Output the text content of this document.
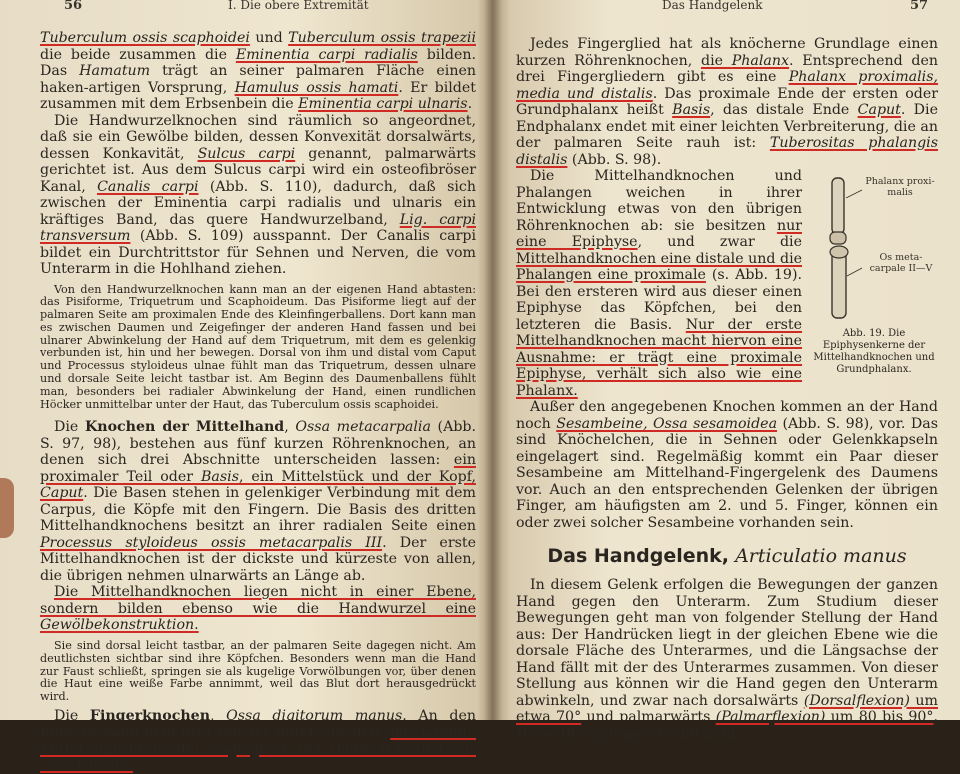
56	I. Die obere Extremität

Tuberculum ossis scaphoidei und Tuberculum ossis trapezii die beide zusammen die Eminentia carpi radialis bilden. Das Hamatum trägt an seiner palmaren Fläche einen haken-artigen Vorsprung, Hamulus ossis hamati. Er bildet zusammen mit dem Erbsenbein die Eminentia carpi ulnaris.

Die Handwurzelknochen sind räumlich so angeordnet, daß sie ein Gewölbe bilden, dessen Konvexität dorsalwärts, dessen Konkavität, Sulcus carpi genannt, palmarwärts gerichtet ist. Aus dem Sulcus carpi wird ein osteofibröser Kanal, Canalis carpi (Abb. S. 110), dadurch, daß sich zwischen der Eminentia carpi radialis und ulnaris ein kräftiges Band, das quere Handwurzelband, Lig. carpi transversum (Abb. S. 109) ausspannt. Der Canalis carpi bildet ein Durchtrittstor für Sehnen und Nerven, die vom Unterarm in die Hohlhand ziehen.

Von den Handwurzelknochen kann man an der eigenen Hand abtasten: das Pisiforme, Triquetrum und Scaphoideum. Das Pisiforme liegt auf der palmaren Seite am proximalen Ende des Kleinfingerballens. Dort kann man es zwischen Daumen und Zeigefinger der anderen Hand fassen und bei ulnarer Abwinkelung der Hand auf dem Triquetrum, mit dem es gelenkig verbunden ist, hin und her bewegen. Dorsal von ihm und distal vom Caput und Processus styloideus ulnae fühlt man das Triquetrum, dessen ulnare und dorsale Seite leicht tastbar ist. Am Beginn des Daumenballens fühlt man, besonders bei radialer Abwinkelung der Hand, einen rundlichen Höcker unmittelbar unter der Haut, das Tuberculum ossis scaphoidei.

Die Knochen der Mittelhand, Ossa metacarpalia (Abb. S. 97, 98), bestehen aus fünf kurzen Röhrenknochen, an denen sich drei Abschnitte unterscheiden lassen: ein proximaler Teil oder Basis, ein Mittelstück und der Kopf, Caput. Die Basen stehen in gelenkiger Verbindung mit dem Carpus, die Köpfe mit den Fingern. Die Basis des dritten Mittelhandknochens besitzt an ihrer radialen Seite einen Processus styloideus ossis metacarpalis III. Der erste Mittelhandknochen ist der dickste und kürzeste von allen, die übrigen nehmen ulnarwärts an Länge ab.

Die Mittelhandknochen liegen nicht in einer Ebene, sondern bilden ebenso wie die Handwurzel eine Gewölbekonstruktion.

Sie sind dorsal leicht tastbar, an der palmaren Seite dagegen nicht. Am deutlichsten sichtbar sind ihre Köpfchen. Besonders wenn man die Hand zur Faust schließt, springen sie als kugelige Vorwölbungen vor, über denen die Haut eine weiße Farbe annimmt, weil das Blut dort herausgedrückt wird.

Die Fingerknochen, Ossa digitorum manus. An den Fingern kann man drei Glieder unterscheiden: das Grund-, Mittel- und End- oder Nagelglied. Der Daumen besitzt nur zwei Glieder.

Das Handgelenk	57

Jedes Fingerglied hat als knöcherne Grundlage einen kurzen Röhrenknochen, die Phalanx. Entsprechend den drei Fingergliedern gibt es eine Phalanx proximalis, media und distalis. Das proximale Ende der ersten oder Grundphalanx heißt Basis, das distale Ende Caput. Die Endphalanx endet mit einer leichten Verbreiterung, die an der palmaren Seite rauh ist: Tuberositas phalangis distalis (Abb. S. 98).

Phalanx proxi-malis
Os meta-carpale II—V
Abb. 19. Die Epiphysenkerne der Mittelhandknochen und Grundphalanx.

Die Mittelhandknochen und Phalangen weichen in ihrer Entwicklung etwas von den übrigen Röhrenknochen ab: sie besitzen nur eine Epiphyse, und zwar die Mittelhandknochen eine distale und die Phalangen eine proximale (s. Abb. 19). Bei den ersteren wird aus dieser einen Epiphyse das Köpfchen, bei den letzteren die Basis. Nur der erste Mittelhandknochen macht hiervon eine Ausnahme: er trägt eine proximale Epiphyse, verhält sich also wie eine Phalanx.

Außer den angegebenen Knochen kommen an der Hand noch Sesambeine, Ossa sesamoidea (Abb. S. 98), vor. Das sind Knöchelchen, die in Sehnen oder Gelenkkapseln eingelagert sind. Regelmäßig kommt ein Paar dieser Sesambeine am Mittelhand-Fingergelenk des Daumens vor. Auch an den entsprechenden Gelenken der übrigen Finger, am häufigsten am 2. und 5. Finger, können ein oder zwei solcher Sesambeine vorhanden sein.

Das Handgelenk, Articulatio manus

In diesem Gelenk erfolgen die Bewegungen der ganzen Hand gegen den Unterarm. Zum Studium dieser Bewegungen geht man von folgender Stellung der Hand aus: Der Handrücken liegt in der gleichen Ebene wie die dorsale Fläche des Unterarmes, und die Längsachse der Hand fällt mit der des Unterarmes zusammen. Von dieser Stellung aus können wir die Hand gegen den Unterarm abwinkeln, und zwar nach dorsalwärts (Dorsalflexion) um etwa 70° und palmarwärts (Palmarflexion) um 80 bis 90°. Diese Bewegungen nennt man
